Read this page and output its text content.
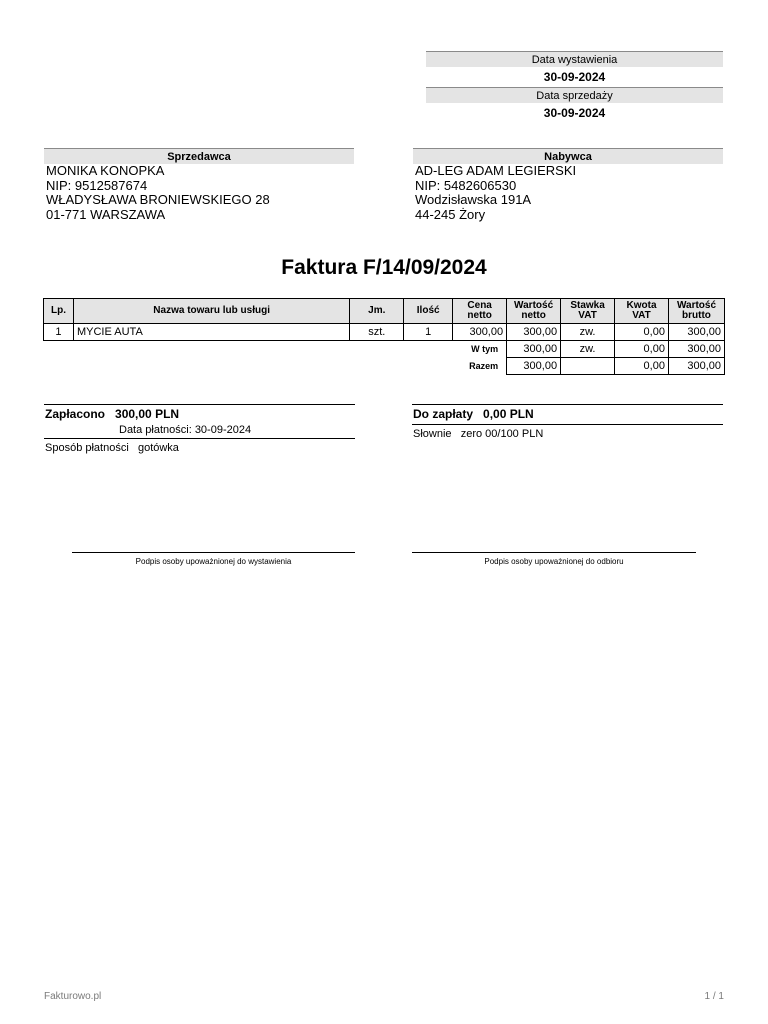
Data wystawienia
30-09-2024
Data sprzedaży
30-09-2024
Sprzedawca
MONIKA KONOPKA
NIP: 9512587674
WŁADYSŁAWA BRONIEWSKIEGO 28
01-771 WARSZAWA
Nabywca
AD-LEG ADAM LEGIERSKI
NIP: 5482606530
Wodzisławska 191A
44-245 Żory
Faktura F/14/09/2024
Lp.	Nazwa towaru lub usługi	Jm.	Ilość	Cena netto	Wartość netto	Stawka VAT	Kwota VAT	Wartość brutto
1	MYCIE AUTA	szt.	1	300,00	300,00	zw.	0,00	300,00
			W tym		300,00	zw.	0,00	300,00
			Razem		300,00		0,00	300,00
Zapłacono 300,00 PLN
Data płatności: 30-09-2024
Sposób płatności gotówka
Do zapłaty 0,00 PLN
Słownie zero 00/100 PLN
Podpis osoby upoważnionej do wystawienia	Podpis osoby upoważnionej do odbioru
Fakturowo.pl	1 / 1
